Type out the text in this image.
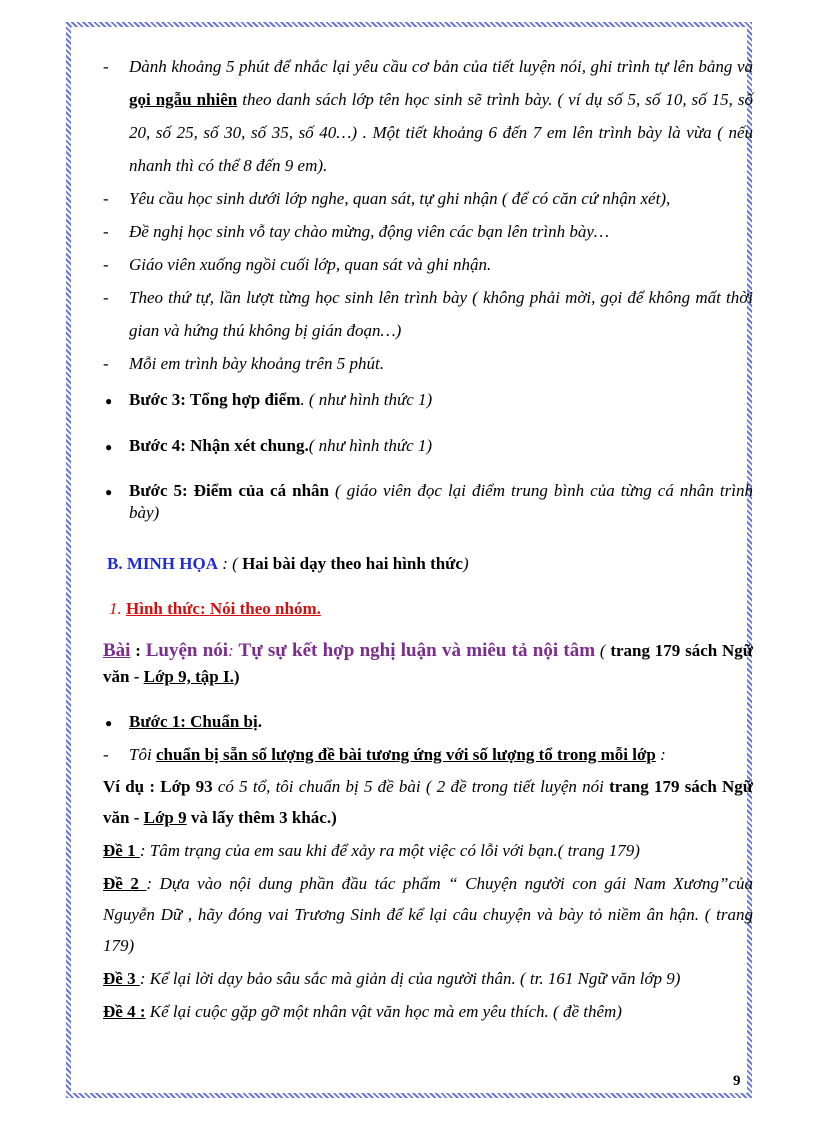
- Dành khoảng 5 phút để nhắc lại yêu cầu cơ bản của tiết luyện nói, ghi trình tự lên bảng và gọi ngẫu nhiên theo danh sách lớp tên học sinh sẽ trình bày. ( ví dụ số 5, số 10, số 15, số 20, số 25, số 30, số 35, số 40…) . Một tiết khoảng 6 đến 7 em lên trình bày là vừa ( nếu nhanh thì có thể 8 đến 9 em).
- Yêu cầu học sinh dưới lớp nghe, quan sát, tự ghi nhận ( để có căn cứ nhận xét),
- Đề nghị học sinh vỗ tay chào mừng, động viên các bạn lên trình bày…
- Giáo viên xuống ngồi cuối lớp, quan sát và ghi nhận.
- Theo thứ tự, lần lượt từng học sinh lên trình bày ( không phải mời, gọi để không mất thời gian và hứng thú không bị gián đoạn…)
- Mỗi em trình bày khoảng trên 5 phút.
● Bước 3: Tổng hợp điểm. ( như hình thức 1)
● Bước 4: Nhận xét chung.( như hình thức 1)
● Bước 5: Điểm của cá nhân ( giáo viên đọc lại điểm trung bình của từng cá nhân trình bày)
B. MINH HỌA : ( Hai bài dạy theo hai hình thức)
1. Hình thức: Nói theo nhóm.
Bài : Luyện nói: Tự sự kết hợp nghị luận và miêu tả nội tâm ( trang 179 sách Ngữ văn - Lớp 9, tập I.)
● Bước 1: Chuẩn bị.
- Tôi chuẩn bị sẵn số lượng đề bài tương ứng với số lượng tổ trong mỗi lớp :
Ví dụ : Lớp 93 có 5 tổ, tôi chuẩn bị 5 đề bài ( 2 đề trong tiết luyện nói trang 179 sách Ngữ văn - Lớp 9 và lấy thêm 3 khác.)
Đề 1 : Tâm trạng của em sau khi để xảy ra một việc có lỗi với bạn.( trang 179)
Đề 2 : Dựa vào nội dung phần đầu tác phẩm “ Chuyện người con gái Nam Xương”của Nguyễn Dữ , hãy đóng vai Trương Sinh để kể lại câu chuyện và bày tỏ niềm ân hận. ( trang 179)
Đề 3 : Kể lại lời dạy bảo sâu sắc mà giản dị của người thân. ( tr. 161 Ngữ văn lớp 9)
Đề 4 : Kể lại cuộc gặp gỡ một nhân vật văn học mà em yêu thích. ( đề thêm)
9
